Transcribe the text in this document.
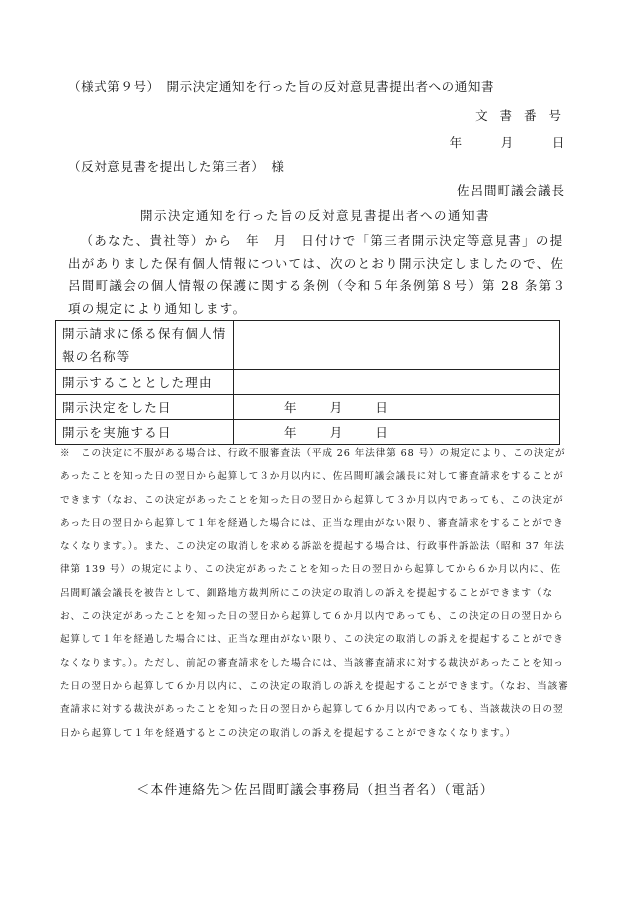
（様式第９号）　開示決定通知を行った旨の反対意見書提出者への通知書
文 書 番 号
年	月	日
（反対意見書を提出した第三者）　様
佐呂間町議会議長
開示決定通知を行った旨の反対意見書提出者への通知書
（あなた、貴社等）から　年　月　日付けで「第三者開示決定等意見書」の提出がありました保有個人情報については、次のとおり開示決定しましたので、佐呂間町議会の個人情報の保護に関する条例（令和５年条例第８号）第 28 条第３項の規定により通知します。
開示請求に係る保有個人情報の名称等	
開示することとした理由	
開示決定をした日	年 月 日
開示を実施する日	年 月 日
※　この決定に不服がある場合は、行政不服審査法（平成 26 年法律第 68 号）の規定により、この決定があったことを知った日の翌日から起算して３か月以内に、佐呂間町議会議長に対して審査請求をすることができます（なお、この決定があったことを知った日の翌日から起算して３か月以内であっても、この決定があった日の翌日から起算して１年を経過した場合には、正当な理由がない限り、審査請求をすることができなくなります。）。また、この決定の取消しを求める訴訟を提起する場合は、行政事件訴訟法（昭和 37 年法律第 139 号）の規定により、この決定があったことを知った日の翌日から起算してから６か月以内に、佐呂間町議会議長を被告として、釧路地方裁判所にこの決定の取消しの訴えを提起することができます（なお、この決定があったことを知った日の翌日から起算して６か月以内であっても、この決定の日の翌日から起算して１年を経過した場合には、正当な理由がない限り、この決定の取消しの訴えを提起することができなくなります。）。ただし、前記の審査請求をした場合には、当該審査請求に対する裁決があったことを知った日の翌日から起算して６か月以内に、この決定の取消しの訴えを提起することができます。（なお、当該審査請求に対する裁決があったことを知った日の翌日から起算して６か月以内であっても、当該裁決の日の翌日から起算して１年を経過するとこの決定の取消しの訴えを提起することができなくなります。）
＜本件連絡先＞佐呂間町議会事務局（担当者名）（電話）
